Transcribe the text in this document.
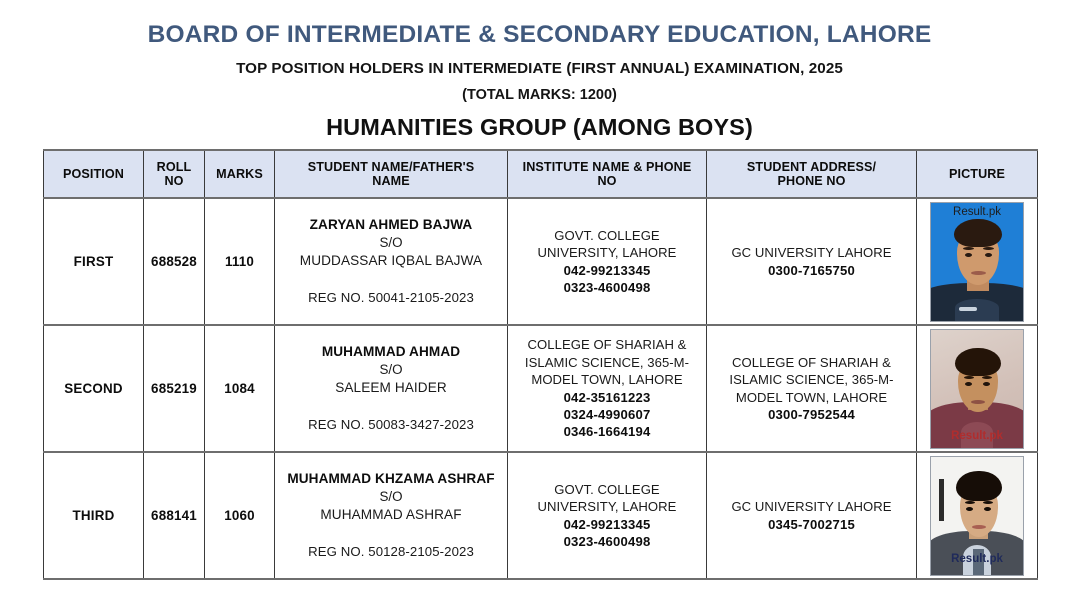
BOARD OF INTERMEDIATE & SECONDARY EDUCATION, LAHORE
TOP POSITION HOLDERS IN INTERMEDIATE (FIRST ANNUAL) EXAMINATION, 2025
(TOTAL MARKS: 1200)
HUMANITIES GROUP (AMONG BOYS)
POSITION

ROLL
NO

MARKS

STUDENT NAME/FATHER'S
NAME

INSTITUTE NAME & PHONE
NO

STUDENT ADDRESS/
PHONE NO

PICTURE

FIRST	688528	1110	
ZARYAN AHMED BAJWA
S/O
MUDDASSAR IQBAL BAJWA
REG NO. 50041-2105-2023

GOVT. COLLEGE
UNIVERSITY, LAHORE
042-99213345
0323-4600498

GC UNIVERSITY LAHORE
0300-7165750

Result.pk

SECOND	685219	1084	
MUHAMMAD AHMAD
S/O
SALEEM HAIDER
REG NO. 50083-3427-2023

COLLEGE OF SHARIAH &
ISLAMIC SCIENCE, 365-M-
MODEL TOWN, LAHORE
042-35161223
0324-4990607
0346-1664194

COLLEGE OF SHARIAH &
ISLAMIC SCIENCE, 365-M-
MODEL TOWN, LAHORE
0300-7952544

Result.pk

THIRD	688141	1060	
MUHAMMAD KHZAMA ASHRAF
S/O
MUHAMMAD ASHRAF
REG NO. 50128-2105-2023

GOVT. COLLEGE
UNIVERSITY, LAHORE
042-99213345
0323-4600498

GC UNIVERSITY LAHORE
0345-7002715

Result.pk
